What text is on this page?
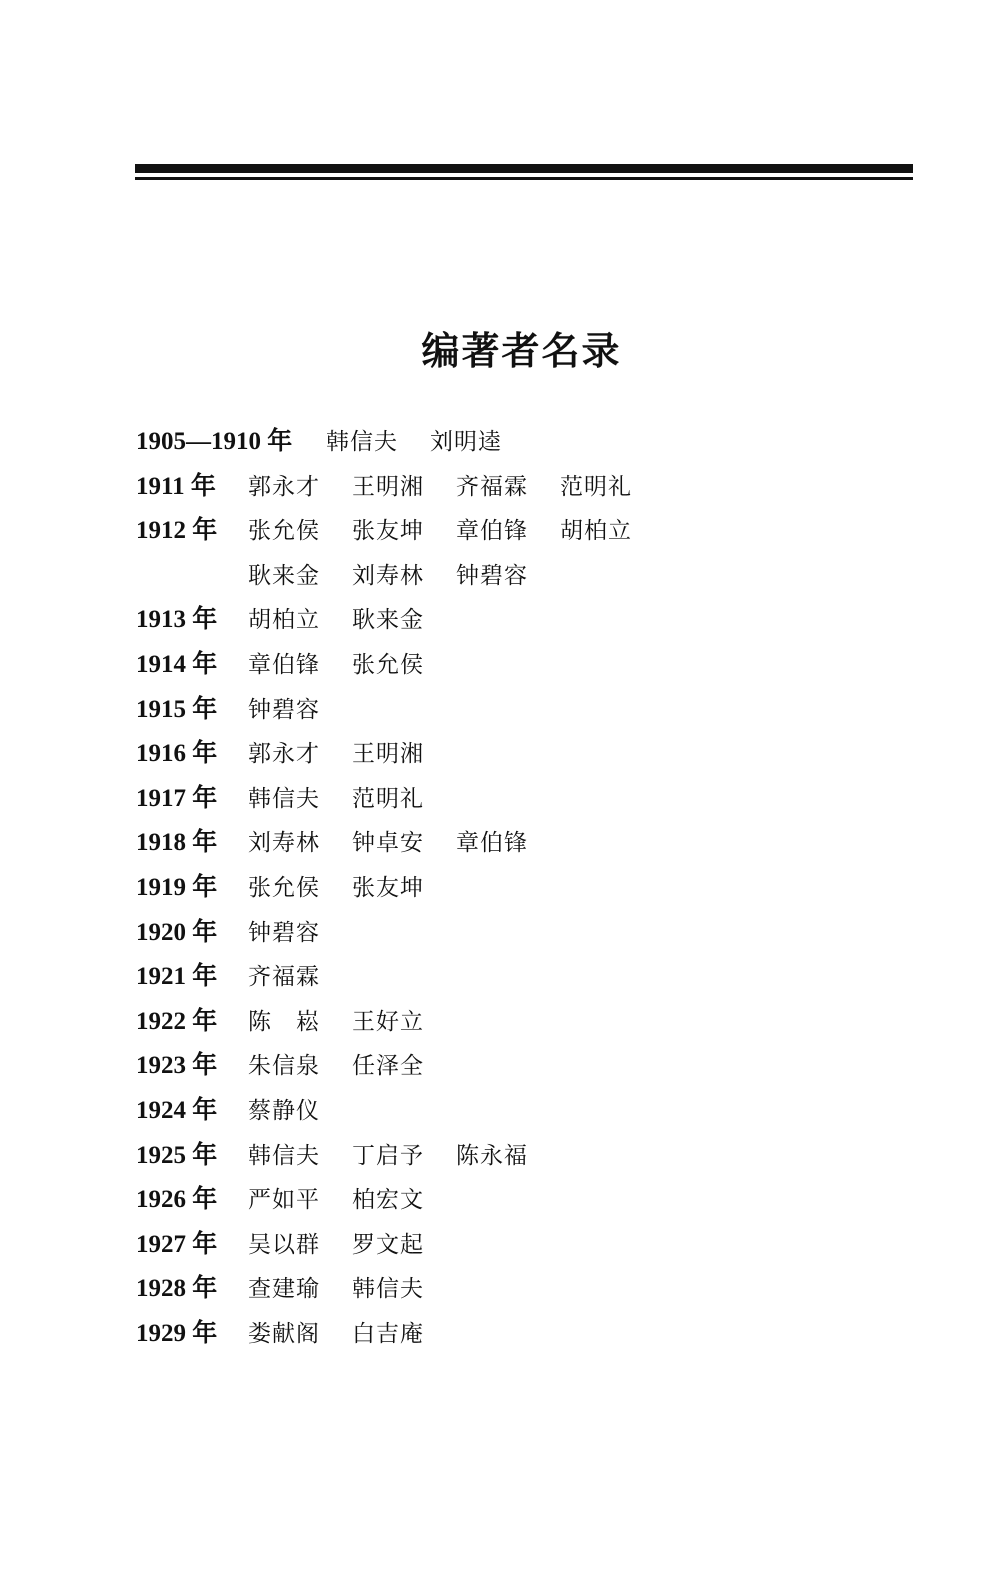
编著者名录
1905—1910 年 韩信夫 刘明逵
1911 年 郭永才 王明湘 齐福霖 范明礼
1912 年 张允侯 张友坤 章伯锋 胡柏立
耿来金 刘寿林 钟碧容
1913 年 胡柏立 耿来金
1914 年 章伯锋 张允侯
1915 年 钟碧容
1916 年 郭永才 王明湘
1917 年 韩信夫 范明礼
1918 年 刘寿林 钟卓安 章伯锋
1919 年 张允侯 张友坤
1920 年 钟碧容
1921 年 齐福霖
1922 年 陈　崧 王好立
1923 年 朱信泉 任泽全
1924 年 蔡静仪
1925 年 韩信夫 丁启予 陈永福
1926 年 严如平 柏宏文
1927 年 吴以群 罗文起
1928 年 查建瑜 韩信夫
1929 年 娄献阁 白吉庵
